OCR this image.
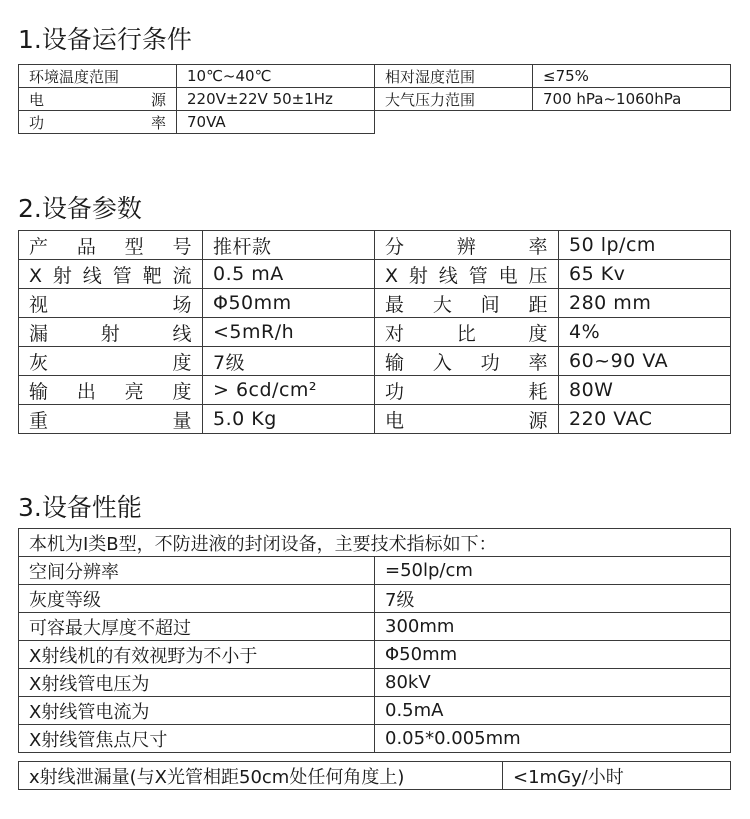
1.设备运行条件
环境温度范围	10℃~40℃	相对湿度范围	≤75%
电 源	220V±22V 50±1Hz	大气压力范围	700 hPa~1060hPa
功 率	70VA		
2.设备参数
产品型号	推杆款	分辨率	50 lp/cm
X射线管靶流	0.5 mA	X射线管电压	65 Kv
视场	Φ50mm	最大间距	280 mm
漏射线	<5mR/h	对比度	4%
灰度	7级	输入功率	60~90 VA
输出亮度	> 6cd/cm²	功耗	80W
重量	5.0 Kg	电源	220 VAC
3.设备性能
本机为Ⅰ类B型，不防进液的封闭设备，主要技术指标如下：	
空间分辨率	=50lp/cm
灰度等级	7级
可容最大厚度不超过	300mm
X射线机的有效视野为不小于	Φ50mm
X射线管电压为	80kV
X射线管电流为	0.5mA
X射线管焦点尺寸	0.05*0.005mm
x射线泄漏量(与X光管相距50cm处任何角度上)	<1mGy/小时
